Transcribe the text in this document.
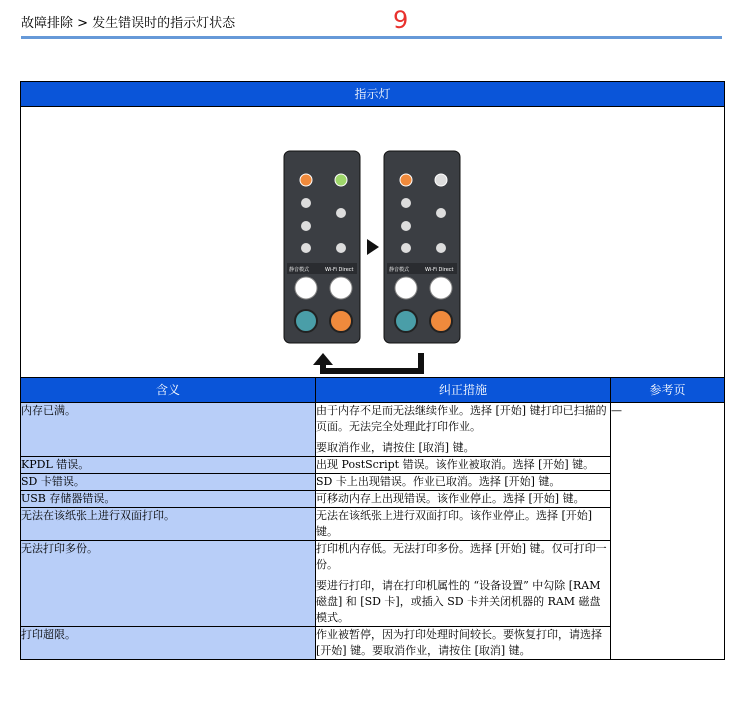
故障排除 > 发生错误时的指示灯状态	9
指示灯		

静音模式 Wi-Fi Direct 静音模式 Wi-Fi Direct		

含义	纠正措施	参考页
内存已满。	由于内存不足而无法继续作业。选择 [开始] 键打印已扫描的页面。无法完全处理此打印作业。

要取消作业，请按住 [取消] 键。	—
KPDL 错误。	出现 PostScript 错误。该作业被取消。选择 [开始] 键。	

SD 卡错误。	SD 卡上出现错误。作业已取消。选择 [开始] 键。	

USB 存储器错误。	可移动内存上出现错误。该作业停止。选择 [开始] 键。	

无法在该纸张上进行双面打印。	无法在该纸张上进行双面打印。该作业停止。选择 [开始] 键。	

无法打印多份。	打印机内存低。无法打印多份。选择 [开始] 键。仅可打印一份。

要进行打印，请在打印机属性的 “设备设置” 中勾除 [RAM 磁盘] 和 [SD 卡]，或插入 SD 卡并关闭机器的 RAM 磁盘模式。	

打印超限。	作业被暂停，因为打印处理时间较长。要恢复打印，请选择 [开始] 键。要取消作业，请按住 [取消] 键。	
